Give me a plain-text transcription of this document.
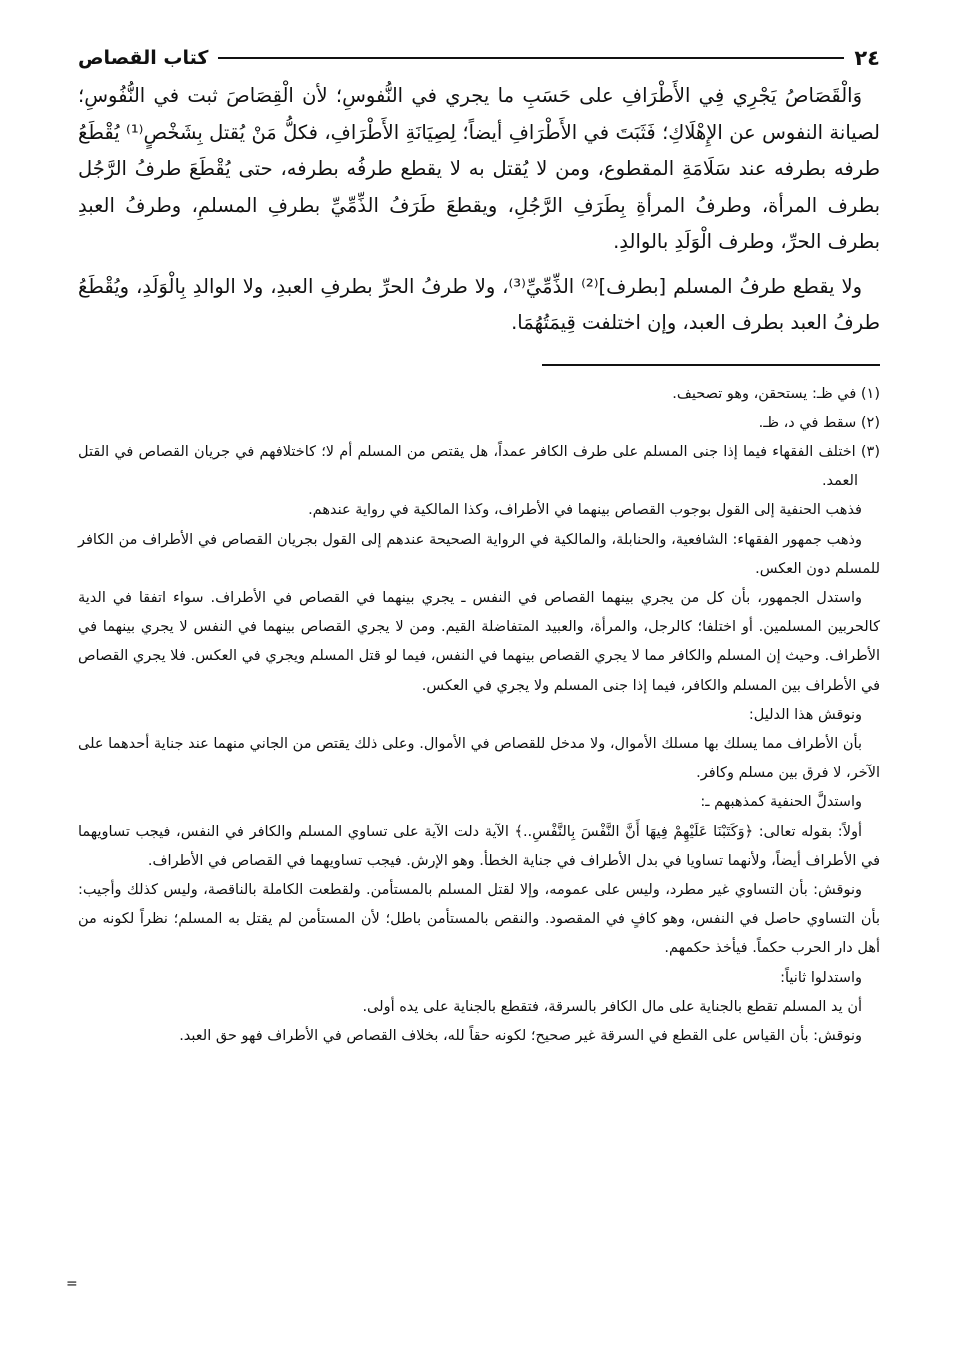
٢٤
كتاب القصاص

وَالْقَصَاصُ يَجْرِي فِي الأَطْرَافِ على حَسَبِ ما يجري في النُّفوسِ؛ لأن الْقِصَاصَ ثبت في النُّفُوسِ؛ لصيانة النفوس عن الإِهْلَاكِ؛ فَثَبَتَ في الأَطْرَافِ أيضاً؛ لِصِيَانَةِ الأَطْرَافِ، فكلُّ مَنْ يُقتل بِشَخْصٍ⁽¹⁾ يُقْطَعُ طرفه بطرفه عند سَلَامَةِ المقطوع، ومن لا يُقتل به لا يقطع طرفُه بطرفه، حتى يُقْطَعَ طرفُ الرَّجُل بطرف المرأة، وطرفُ المرأةِ بِطَرَفِ الرَّجُلِ، ويقطعَ طَرَفُ الذِّمِّيِّ بطرفِ المسلمِ، وطرفُ العبدِ بطرف الحرِّ، وطرف الْوَلَدِ بالوالدِ.

ولا يقطع طرفُ المسلم [بطرف]⁽²⁾ الذِّمِّيِّ⁽³⁾، ولا طرفُ الحرِّ بطرفِ العبدِ، ولا الوالدِ بِالْوَلَدِ، ويُقْطَعُ طرفُ العبد بطرف العبد، وإن اختلفت قِيمَتُهُمَا.

(١) في ظـ: يستحقن، وهو تصحيف.

(٢) سقط في د، ظـ.

(٣) اختلف الفقهاء فيما إذا جنى المسلم على طرف الكافر عمداً، هل يقتص من المسلم أم لا؛ كاختلافهم في جريان القصاص في القتل العمد.

فذهب الحنفية إلى القول بوجوب القصاص بينهما في الأطراف، وكذا المالكية في رواية عندهم.

وذهب جمهور الفقهاء: الشافعية، والحنابلة، والمالكية في الرواية الصحيحة عندهم إلى القول بجريان القصاص في الأطراف من الكافر للمسلم دون العكس.

واستدل الجمهور، بأن كل من يجري بينهما القصاص في النفس ـ يجري بينهما في القصاص في الأطراف. سواء اتفقا في الدية كالحربين المسلمين. أو اختلفا؛ كالرجل، والمرأة، والعبيد المتفاضلة القيم. ومن لا يجري القصاص بينهما في النفس لا يجري بينهما في الأطراف. وحيث إن المسلم والكافر مما لا يجري القصاص بينهما في النفس، فيما لو قتل المسلم ويجري في العكس. فلا يجري القصاص في الأطراف بين المسلم والكافر، فيما إذا جنى المسلم ولا يجري في العكس.

ونوقش هذا الدليل:

بأن الأطراف مما يسلك بها مسلك الأموال، ولا مدخل للقصاص في الأموال. وعلى ذلك يقتص من الجاني منهما عند جناية أحدهما على الآخر، لا فرق بين مسلم وكافر.

واستدلَّ الحنفية كمذهبهم ـ:

أولاً: بقوله تعالى: ﴿وَكَتَبْنَا عَلَيْهِمْ فِيهَا أَنَّ النَّفْسَ بِالنَّفْسِ..﴾ الآية دلت الآية على تساوي المسلم والكافر في النفس، فيجب تساويهما في الأطراف أيضاً، ولأنهما تساويا في بدل الأطراف في جناية الخطأ. وهو الإرش. فيجب تساويهما في القصاص في الأطراف.

ونوقش: بأن التساوي غير مطرد، وليس على عمومه، وإلا لقتل المسلم بالمستأمن. ولقطعت الكاملة بالناقصة، وليس كذلك وأجيب: بأن التساوي حاصل في النفس، وهو كافٍ في المقصود. والنقص بالمستأمن باطل؛ لأن المستأمن لم يقتل به المسلم؛ نظراً لكونه من أهل دار الحرب حكماً. فيأخذ حكمهم.

واستدلوا ثانياً:

أن يد المسلم تقطع بالجناية على مال الكافر بالسرقة، فتقطع بالجناية على يده أولى.

ونوقش: بأن القياس على القطع في السرقة غير صحيح؛ لكونه حقاً لله، بخلاف القصاص في الأطراف فهو حق العبد.

=
